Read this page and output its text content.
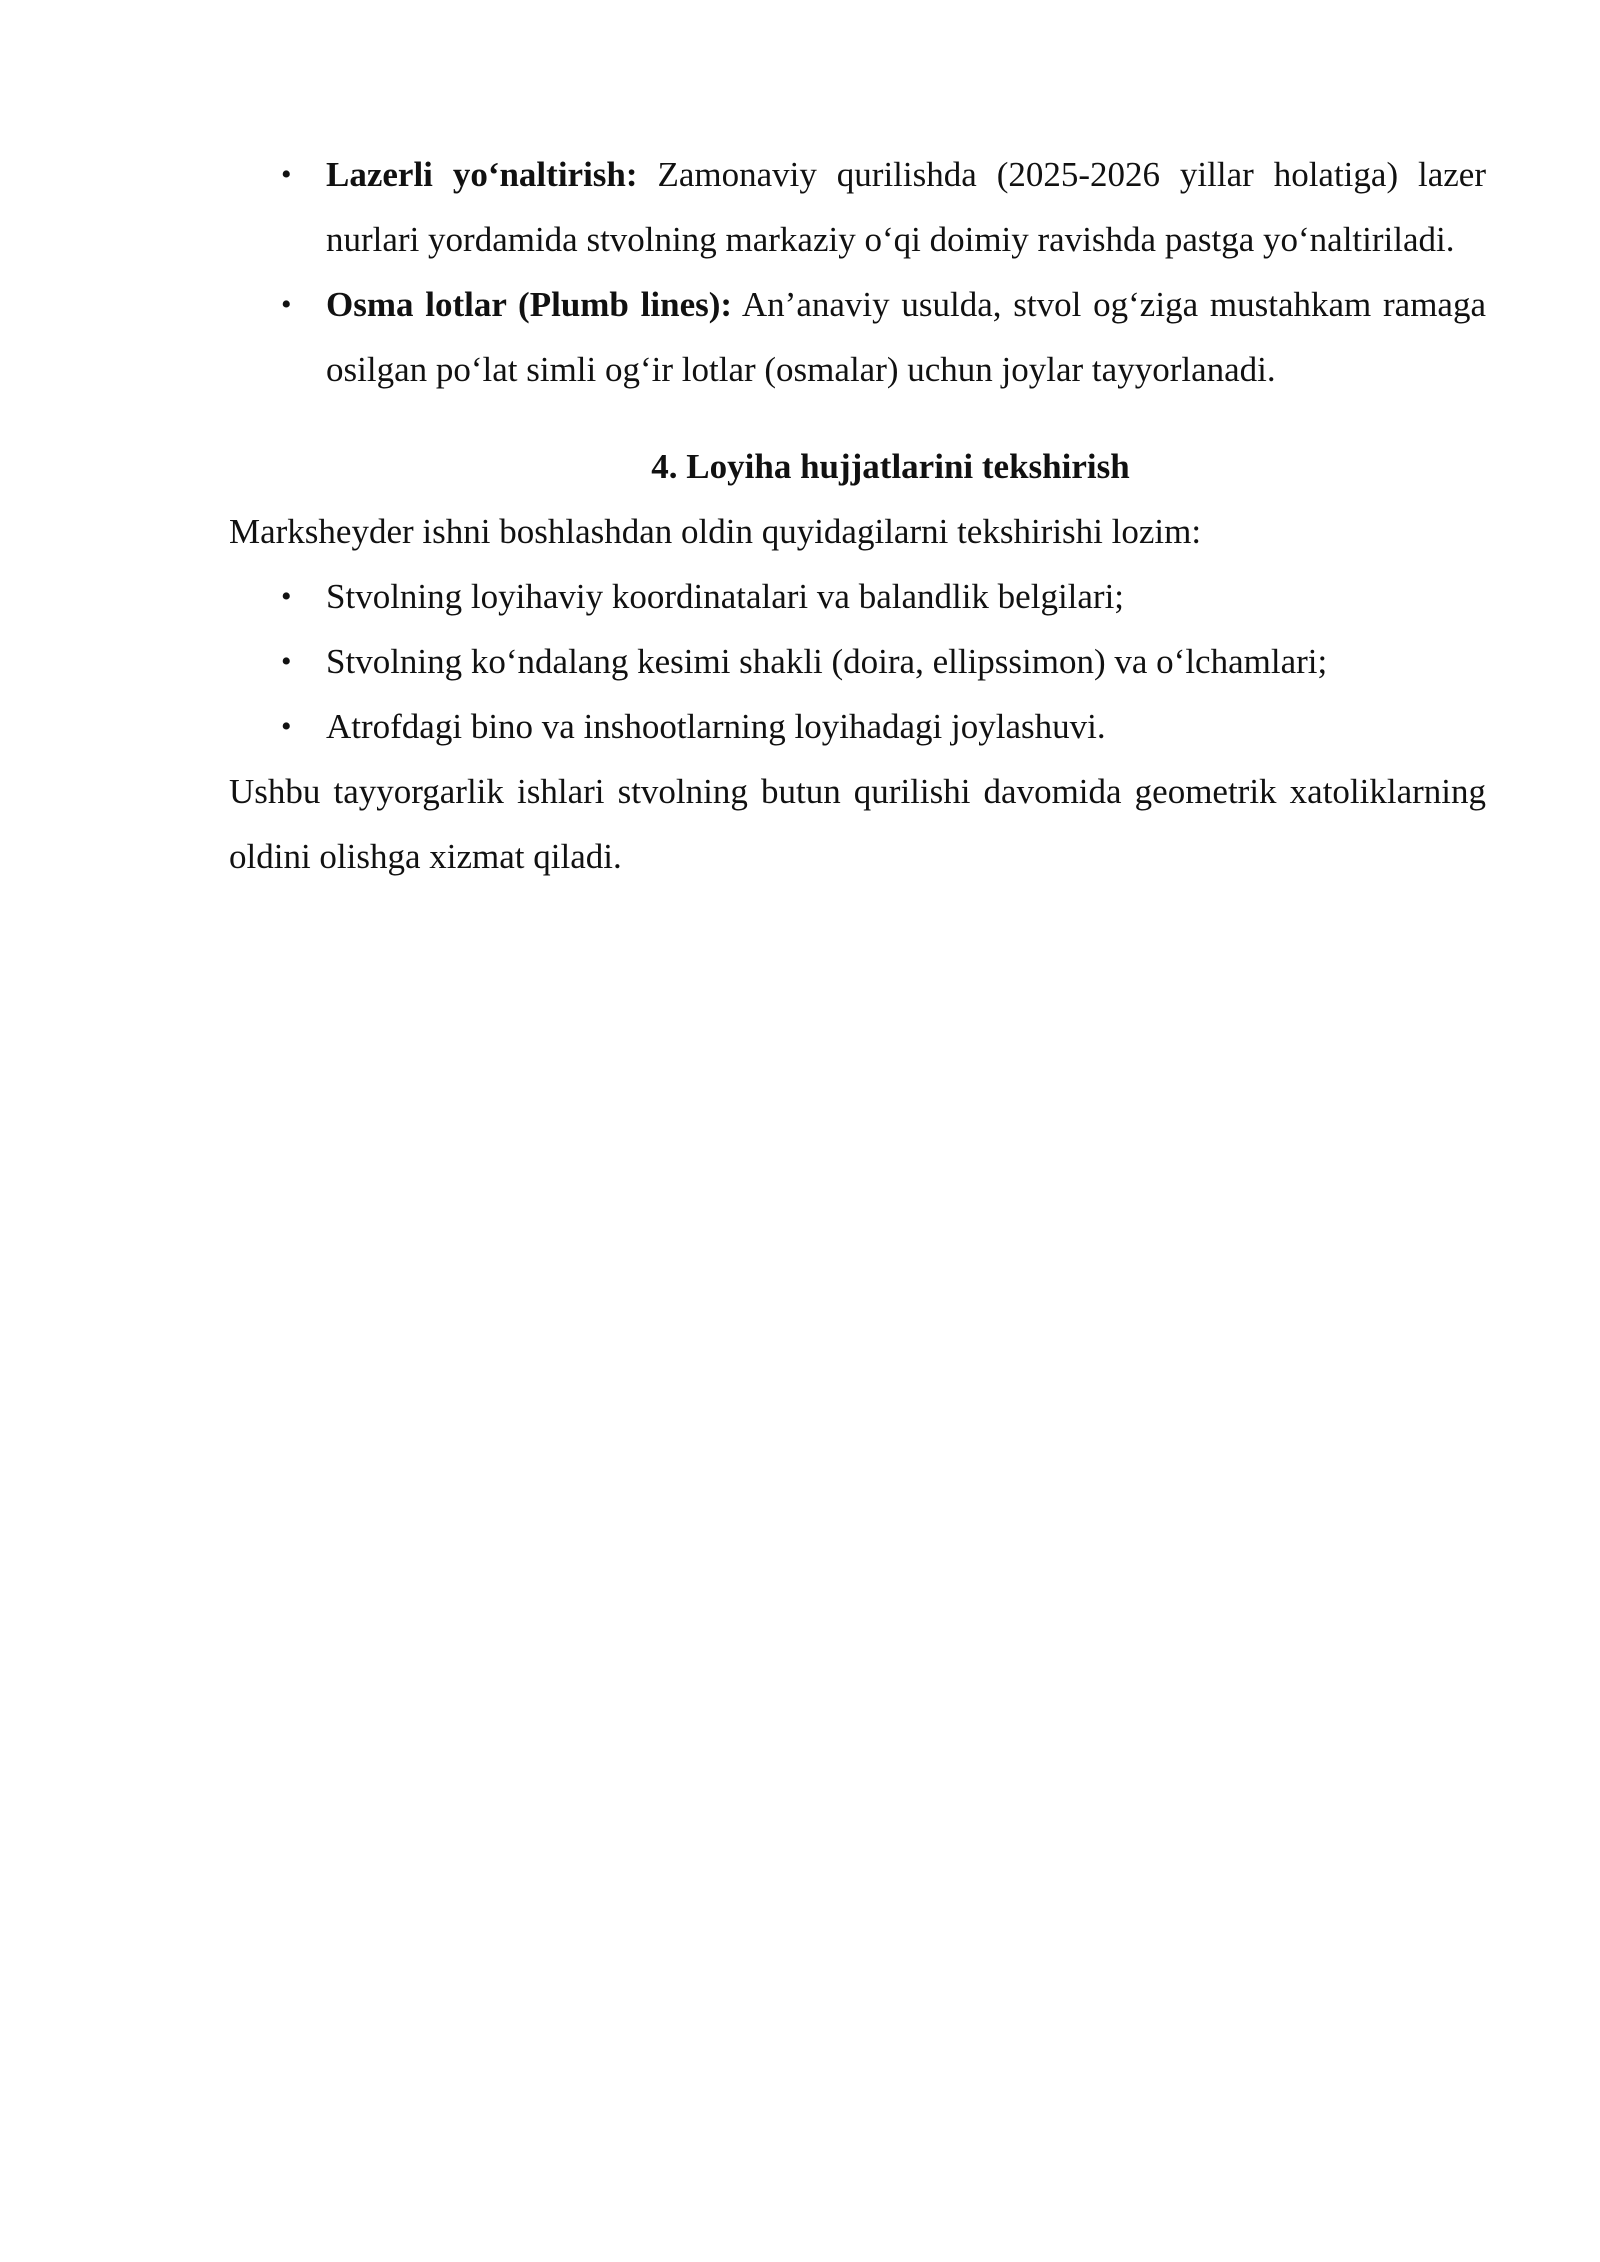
• Lazerli yo‘naltirish: Zamonaviy qurilishda (2025-2026 yillar holatiga) lazer nurlari yordamida stvolning markaziy o‘qi doimiy ravishda pastga yo‘naltiriladi.
• Osma lotlar (Plumb lines): An’anaviy usulda, stvol og‘ziga mustahkam ramaga osilgan po‘lat simli og‘ir lotlar (osmalar) uchun joylar tayyorlanadi.
4. Loyiha hujjatlarini tekshirish

Marksheyder ishni boshlashdan oldin quyidagilarni tekshirishi lozim:

• Stvolning loyihaviy koordinatalari va balandlik belgilari;
• Stvolning ko‘ndalang kesimi shakli (doira, ellipssimon) va o‘lchamlari;
• Atrofdagi bino va inshootlarning loyihadagi joylashuvi.

Ushbu tayyorgarlik ishlari stvolning butun qurilishi davomida geometrik xatoliklarning oldini olishga xizmat qiladi.
